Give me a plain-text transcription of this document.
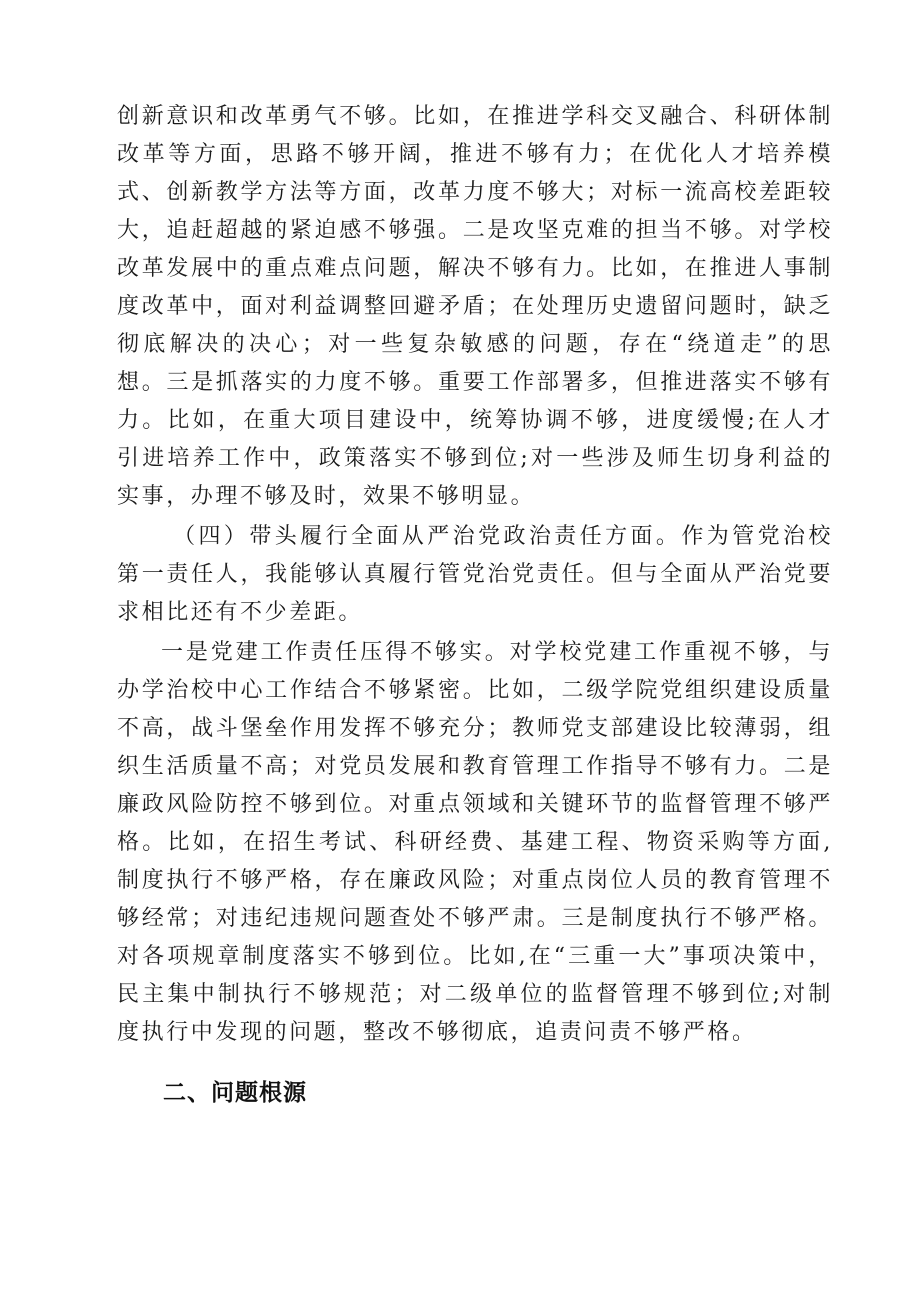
创新意识和改革勇气不够。比如，在推进学科交叉融合、科研体制改革等方面，思路不够开阔，推进不够有力；在优化人才培养模式、创新教学方法等方面，改革力度不够大；对标一流高校差距较大，追赶超越的紧迫感不够强。二是攻坚克难的担当不够。对学校改革发展中的重点难点问题，解决不够有力。比如，在推进人事制度改革中，面对利益调整回避矛盾；在处理历史遗留问题时，缺乏彻底解决的决心；对一些复杂敏感的问题，存在“绕道走”的思想。三是抓落实的力度不够。重要工作部署多，但推进落实不够有力。比如，在重大项目建设中，统筹协调不够，进度缓慢;在人才引进培养工作中，政策落实不够到位;对一些涉及师生切身利益的实事，办理不够及时，效果不够明显。

（四）带头履行全面从严治党政治责任方面。作为管党治校第一责任人，我能够认真履行管党治党责任。但与全面从严治党要求相比还有不少差距。

一是党建工作责任压得不够实。对学校党建工作重视不够，与办学治校中心工作结合不够紧密。比如，二级学院党组织建设质量不高，战斗堡垒作用发挥不够充分；教师党支部建设比较薄弱，组织生活质量不高；对党员发展和教育管理工作指导不够有力。二是廉政风险防控不够到位。对重点领域和关键环节的监督管理不够严格。比如，在招生考试、科研经费、基建工程、物资采购等方面,制度执行不够严格，存在廉政风险；对重点岗位人员的教育管理不够经常；对违纪违规问题查处不够严肃。三是制度执行不够严格。对各项规章制度落实不够到位。比如,在“三重一大”事项决策中，民主集中制执行不够规范；对二级单位的监督管理不够到位;对制度执行中发现的问题，整改不够彻底，追责问责不够严格。

二、问题根源
